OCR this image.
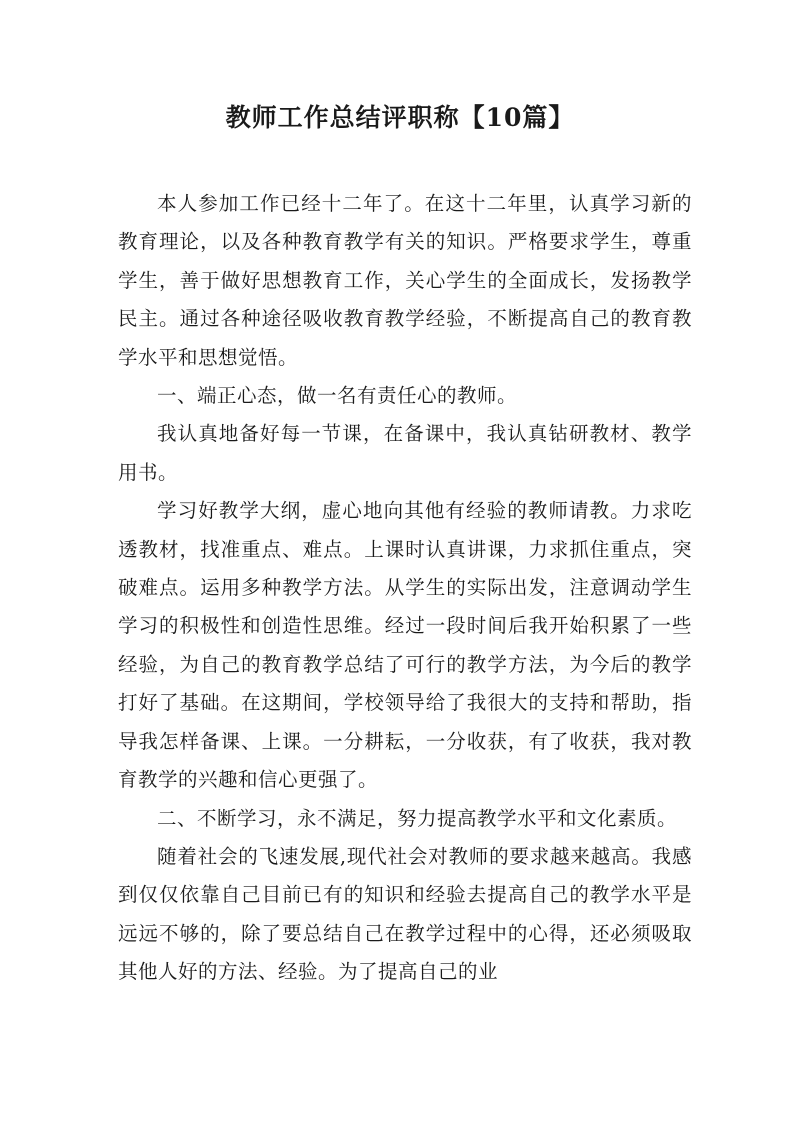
教师工作总结评职称【10篇】

本人参加工作已经十二年了。在这十二年里，认真学习新的教育理论，以及各种教育教学有关的知识。严格要求学生，尊重学生，善于做好思想教育工作，关心学生的全面成长，发扬教学民主。通过各种途径吸收教育教学经验，不断提高自己的教育教学水平和思想觉悟。

一、端正心态，做一名有责任心的教师。

我认真地备好每一节课，在备课中，我认真钻研教材、教学用书。

学习好教学大纲，虚心地向其他有经验的教师请教。力求吃透教材，找准重点、难点。上课时认真讲课，力求抓住重点，突破难点。运用多种教学方法。从学生的实际出发，注意调动学生学习的积极性和创造性思维。经过一段时间后我开始积累了一些经验，为自己的教育教学总结了可行的教学方法，为今后的教学打好了基础。在这期间，学校领导给了我很大的支持和帮助，指导我怎样备课、上课。一分耕耘，一分收获，有了收获，我对教育教学的兴趣和信心更强了。

二、不断学习，永不满足，努力提高教学水平和文化素质。

随着社会的飞速发展,现代社会对教师的要求越来越高。我感到仅仅依靠自己目前已有的知识和经验去提高自己的教学水平是远远不够的，除了要总结自己在教学过程中的心得，还必须吸取其他人好的方法、经验。为了提高自己的业
